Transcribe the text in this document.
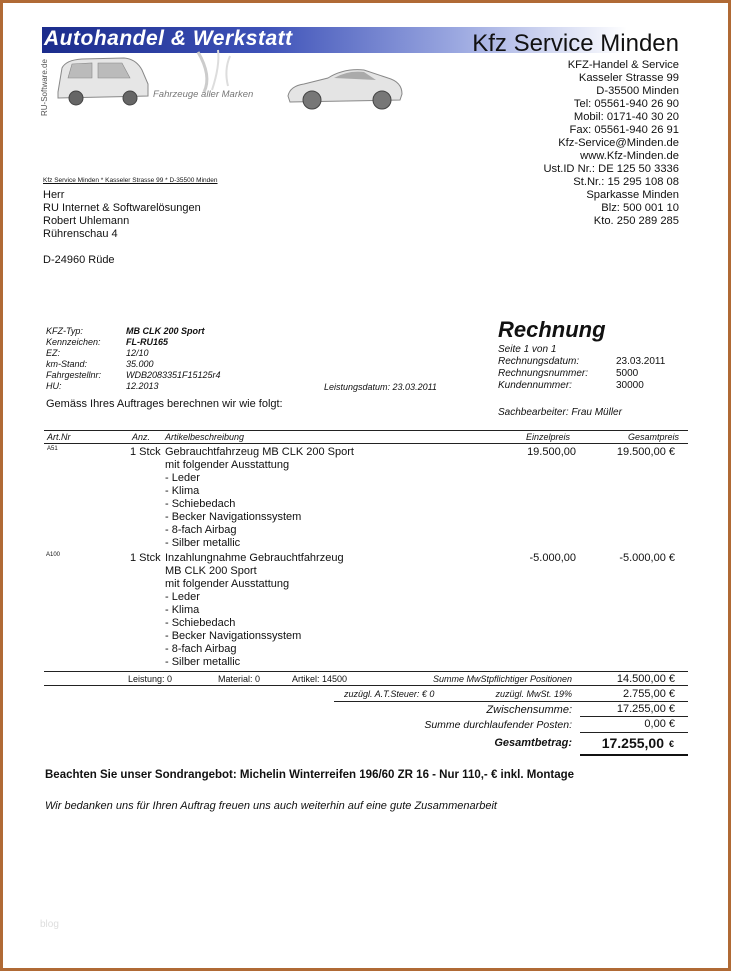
Autohandel & Werkstatt	Kfz Service Minden
RU-Software.de	Fahrzeuge aller Marken
KFZ-Handel & Service
Kasseler Strasse 99
D-35500 Minden
Tel: 05561-940 26 90
Mobil: 0171-40 30 20
Fax: 05561-940 26 91
Kfz-Service@Minden.de
www.Kfz-Minden.de
Ust.ID Nr.: DE 125 50 3336
St.Nr.: 15 295 108 08
Sparkasse Minden
Blz: 500 001 10
Kto. 250 289 285
Kfz Service Minden * Kasseler Strasse 99 * D-35500 Minden
Herr
RU Internet & Softwarelösungen
Robert Uhlemann
Rührenschau 4
D-24960 Rüde
KFZ-Typ:	MB CLK 200 Sport
Kennzeichen:	FL-RU165
EZ:	12/10
km-Stand:	35.000
Fahrgestellnr:	WDB2083351F15125r4
HU:	12.2013	Leistungsdatum: 23.03.2011
Rechnung
Seite 1 von 1
Rechnungsdatum:	23.03.2011
Rechnungsnummer:	5000
Kundennummer:	30000
Sachbearbeiter: Frau Müller
Gemäss Ihres Auftrages berechnen wir wie folgt:
Art.Nr	Anz. Artikelbeschreibung	Einzelpreis	Gesamtpreis
A51	1 Stck Gebrauchtfahrzeug MB CLK 200 Sport
mit folgender Ausstattung
- Leder
- Klima
- Schiebedach
- Becker Navigationssystem
- 8-fach Airbag
- Silber metallic
19.500,00	19.500,00 €
A100	1 Stck Inzahlungnahme Gebrauchtfahrzeug
MB CLK 200 Sport
mit folgender Ausstattung
- Leder
- Klima
- Schiebedach
- Becker Navigationssystem
- 8-fach Airbag
- Silber metallic
-5.000,00	-5.000,00 €
Leistung: 0	Material: 0	Artikel: 14500	Summe MwStpflichtiger Positionen	14.500,00 €
zuzügl. A.T.Steuer: € 0	zuzügl. MwSt. 19%	2.755,00 €
Zwischensumme:	17.255,00 €
Summe durchlaufender Posten:	0,00 €
Gesamtbetrag: 17.255,00 €
Beachten Sie unser Sondrangebot: Michelin Winterreifen 196/60 ZR 16 - Nur 110,- € inkl. Montage
Wir bedanken uns für Ihren Auftrag freuen uns auch weiterhin auf eine gute Zusammenarbeit
blog
